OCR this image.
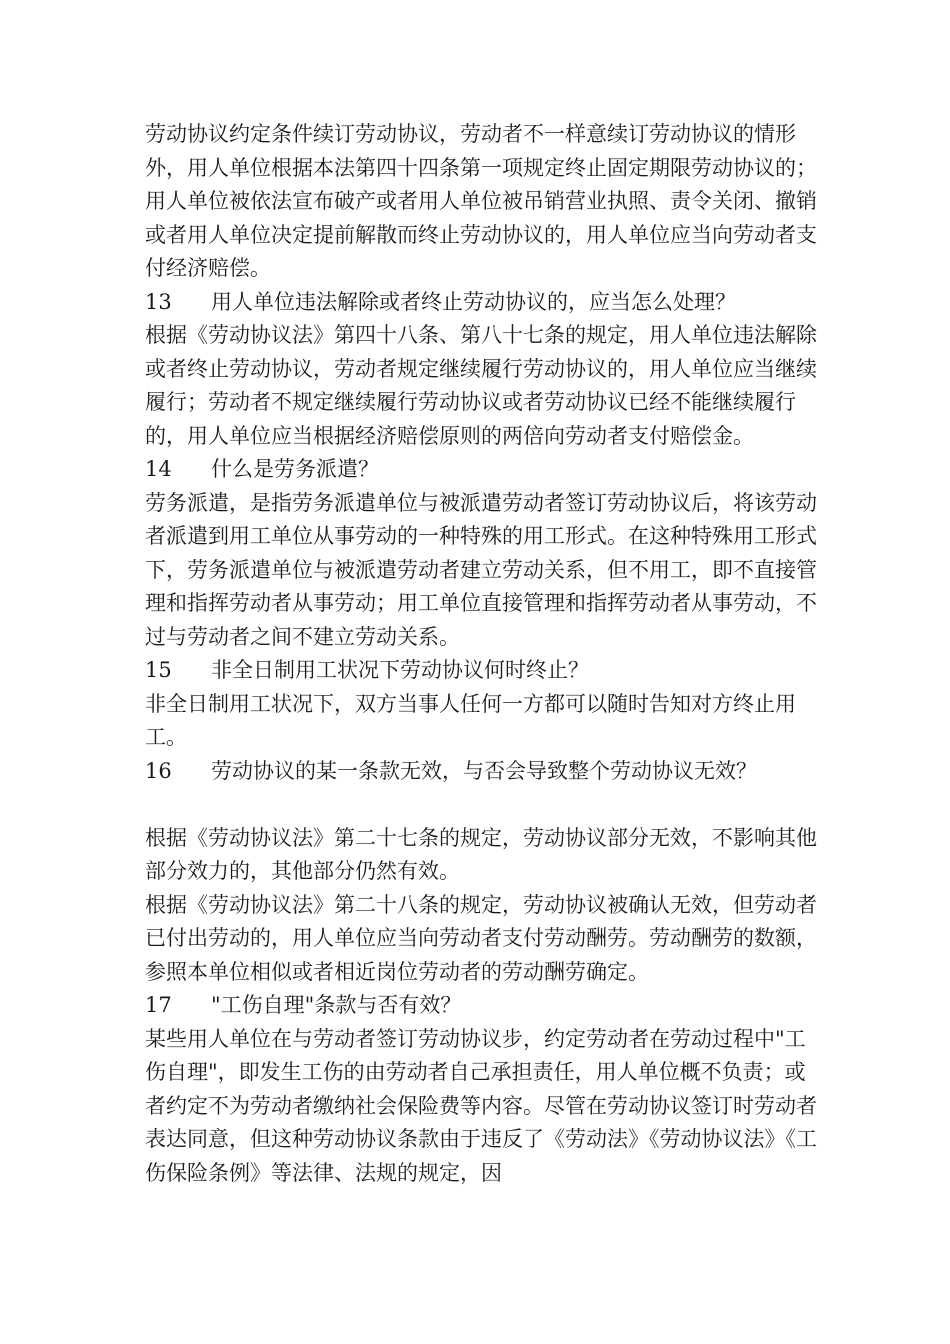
劳动协议约定条件续订劳动协议，劳动者不一样意续订劳动协议的情形外，用人单位根据本法第四十四条第一项规定终止固定期限劳动协议的；用人单位被依法宣布破产或者用人单位被吊销营业执照、责令关闭、撤销或者用人单位决定提前解散而终止劳动协议的，用人单位应当向劳动者支付经济赔偿。

13 用人单位违法解除或者终止劳动协议的，应当怎么处理？

根据《劳动协议法》第四十八条、第八十七条的规定，用人单位违法解除或者终止劳动协议，劳动者规定继续履行劳动协议的，用人单位应当继续履行；劳动者不规定继续履行劳动协议或者劳动协议已经不能继续履行的，用人单位应当根据经济赔偿原则的两倍向劳动者支付赔偿金。

14 什么是劳务派遣？

劳务派遣，是指劳务派遣单位与被派遣劳动者签订劳动协议后，将该劳动者派遣到用工单位从事劳动的一种特殊的用工形式。在这种特殊用工形式下，劳务派遣单位与被派遣劳动者建立劳动关系，但不用工，即不直接管理和指挥劳动者从事劳动；用工单位直接管理和指挥劳动者从事劳动，不过与劳动者之间不建立劳动关系。

15 非全日制用工状况下劳动协议何时终止？

非全日制用工状况下，双方当事人任何一方都可以随时告知对方终止用工。

16 劳动协议的某一条款无效，与否会导致整个劳动协议无效？

根据《劳动协议法》第二十七条的规定，劳动协议部分无效，不影响其他部分效力的，其他部分仍然有效。

根据《劳动协议法》第二十八条的规定，劳动协议被确认无效，但劳动者已付出劳动的，用人单位应当向劳动者支付劳动酬劳。劳动酬劳的数额，参照本单位相似或者相近岗位劳动者的劳动酬劳确定。

17 "工伤自理"条款与否有效？

某些用人单位在与劳动者签订劳动协议步，约定劳动者在劳动过程中"工伤自理"，即发生工伤的由劳动者自己承担责任，用人单位概不负责；或者约定不为劳动者缴纳社会保险费等内容。尽管在劳动协议签订时劳动者表达同意，但这种劳动协议条款由于违反了《劳动法》《劳动协议法》《工伤保险条例》等法律、法规的规定，因
